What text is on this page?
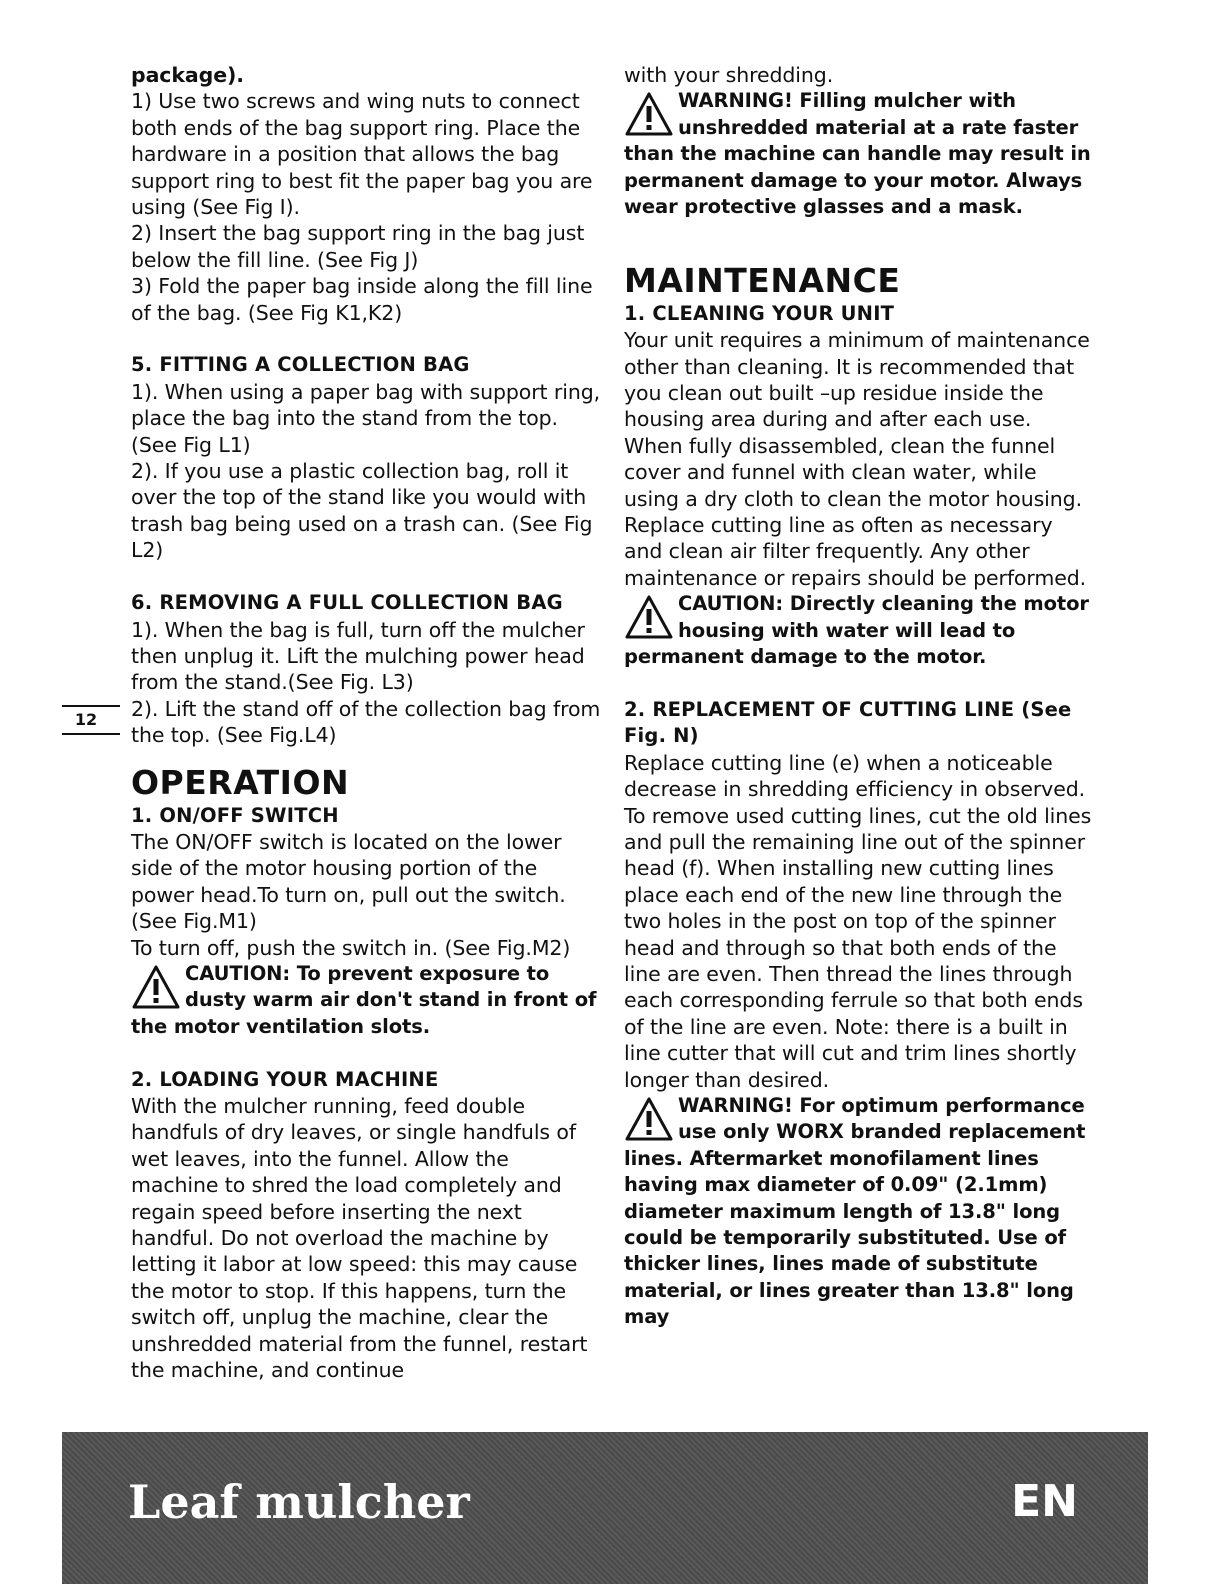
package).

1) Use two screws and wing nuts to connect both ends of the bag support ring. Place the hardware in a position that allows the bag support ring to best fit the paper bag you are using (See Fig I).

2) Insert the bag support ring in the bag just below the fill line. (See Fig J)

3) Fold the paper bag inside along the fill line of the bag. (See Fig K1,K2)

5. FITTING A COLLECTION BAG

1). When using a paper bag with support ring, place the bag into the stand from the top. (See Fig L1)

2). If you use a plastic collection bag, roll it over the top of the stand like you would with trash bag being used on a trash can. (See Fig L2)

6. REMOVING A FULL COLLECTION BAG

1). When the bag is full, turn off the mulcher then unplug it. Lift the mulching power head from the stand.(See Fig. L3)

2). Lift the stand off of the collection bag from the top. (See Fig.L4)

OPERATION
1. ON/OFF SWITCH

The ON/OFF switch is located on the lower side of the motor housing portion of the power head.To turn on, pull out the switch. (See Fig.M1)

To turn off, push the switch in. (See Fig.M2)

CAUTION: To prevent exposure to dusty warm air don't stand in front of the motor ventilation slots.

2. LOADING YOUR MACHINE

With the mulcher running, feed double handfuls of dry leaves, or single handfuls of wet leaves, into the funnel. Allow the machine to shred the load completely and regain speed before inserting the next handful. Do not overload the machine by letting it labor at low speed: this may cause the motor to stop. If this happens, turn the switch off, unplug the machine, clear the unshredded material from the funnel, restart the machine, and continue

12

with your shredding.

WARNING! Filling mulcher with unshredded material at a rate faster than the machine can handle may result in permanent damage to your motor. Always wear protective glasses and a mask.

MAINTENANCE
1. CLEANING YOUR UNIT

Your unit requires a minimum of maintenance other than cleaning. It is recommended that you clean out built –up residue inside the housing area during and after each use. When fully disassembled, clean the funnel cover and funnel with clean water, while using a dry cloth to clean the motor housing. Replace cutting line as often as necessary and clean air filter frequently. Any other maintenance or repairs should be performed.

CAUTION: Directly cleaning the motor housing with water will lead to permanent damage to the motor.

2. REPLACEMENT OF CUTTING LINE (See Fig. N)

Replace cutting line (e) when a noticeable decrease in shredding efficiency in observed. To remove used cutting lines, cut the old lines and pull the remaining line out of the spinner head (f). When installing new cutting lines place each end of the new line through the two holes in the post on top of the spinner head and through so that both ends of the line are even. Then thread the lines through each corresponding ferrule so that both ends of the line are even. Note: there is a built in line cutter that will cut and trim lines shortly longer than desired.

WARNING! For optimum performance use only WORX branded replacement lines. Aftermarket monofilament lines having max diameter of 0.09" (2.1mm) diameter maximum length of 13.8" long could be temporarily substituted. Use of thicker lines, lines made of substitute material, or lines greater than 13.8" long may

Leaf mulcher	EN
